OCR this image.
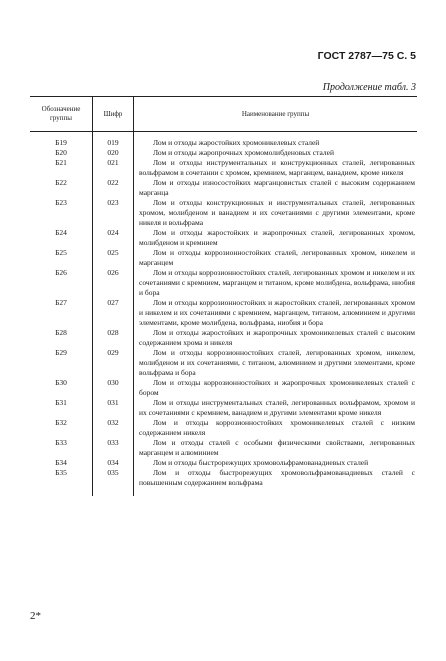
ГОСТ 2787—75 С. 5
Продолжение табл. 3
Обозначение группы	Шифр	Наименование группы
Б19	019	Лом и отходы жаростойких хромоникелевых сталей
Б20	020	Лом и отходы жаропрочных хромомолибденовых сталей
Б21	021	Лом и отходы инструментальных и конструкционных сталей, легированных вольфрамом в сочетании с хромом, кремнием, марганцем, ванадием, кроме никеля
Б22	022	Лом и отходы износостойких марганцовистых сталей с высоким содержанием марганца
Б23	023	Лом и отходы конструкционных и инструментальных сталей, легированных хромом, молибденом и ванадием и их сочетаниями с другими элементами, кроме никеля и вольфрама
Б24	024	Лом и отходы жаростойких и жаропрочных сталей, легированных хромом, молибденом и кремнием
Б25	025	Лом и отходы коррозионностойких сталей, легированных хромом, никелем и марганцем
Б26	026	Лом и отходы коррозионностойких сталей, легированных хромом и никелем и их сочетаниями с кремнием, марганцем и титаном, кроме молибдена, вольфрама, ниобия и бора
Б27	027	Лом и отходы коррозионностойких и жаростойких сталей, легированных хромом и никелем и их сочетаниями с кремнием, марганцем, титаном, алюминием и другими элементами, кроме молибдена, вольфрама, ниобия и бора
Б28	028	Лом и отходы жаростойких и жаропрочных хромоникелевых сталей с высоким содержанием хрома и никеля
Б29	029	Лом и отходы коррозионностойких сталей, легированных хромом, никелем, молибденом и их сочетаниями, с титаном, алюминием и другими элементами, кроме вольфрама и бора
Б30	030	Лом и отходы коррозионностойких и жаропрочных хромоникелевых сталей с бором
Б31	031	Лом и отходы инструментальных сталей, легированных вольфрамом, хромом и их сочетаниями с кремнием, ванадием и другими элементами кроме никеля
Б32	032	Лом и отходы коррозионностойких хромоникелевых сталей с низким содержанием никеля
Б33	033	Лом и отходы сталей с особыми физическими свойствами, легированных марганцем и алюминием
Б34	034	Лом и отходы быстрорежущих хромовольфрамованадиевых сталей
Б35	035	Лом и отходы быстрорежущих хромовольфрамованадиевых сталей с повышенным содержанием вольфрама
2*
